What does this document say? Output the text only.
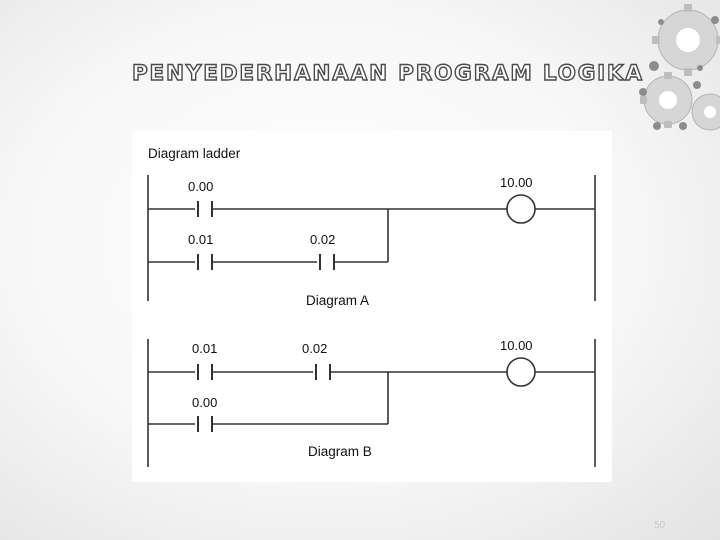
PENYEDERHANAAN PROGRAM LOGIKA
Diagram ladder
0.00	10.00
0.01	0.02
Diagram A
0.01	0.02	10.00
0.00
Diagram B
50
